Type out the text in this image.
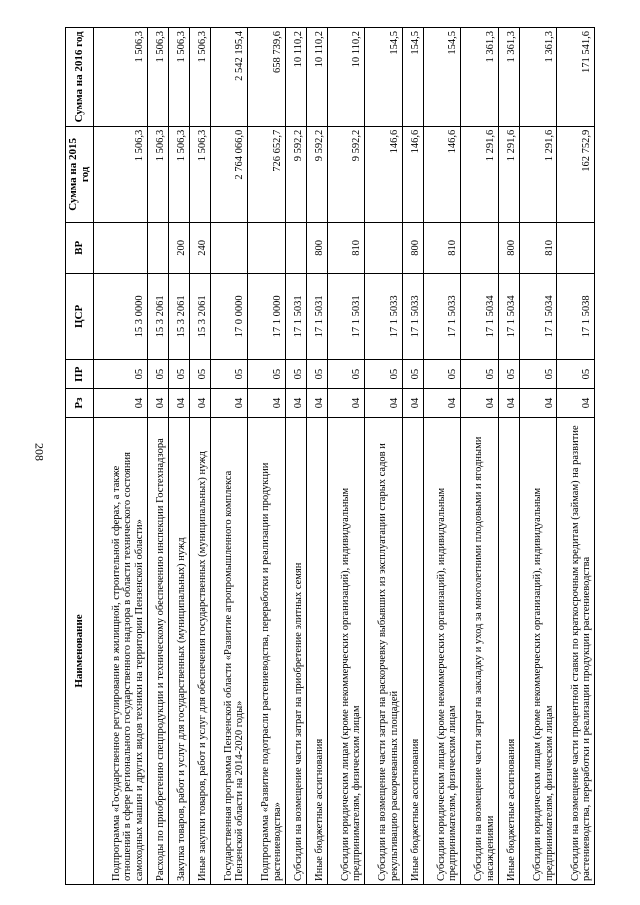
208
Наименование	Рз	ПР	ЦСР	ВР	Сумма на 2015 год	Сумма на 2016 год
Подпрограмма «Государственное регулирование в жилищной, строительной сферах, а также отношений в сфере регионального государственного надзора в области технического состояния самоходных машин и других видов техники на территории Пензенской области»	04	05	15 3 0000		1 506,3	1 506,3
Расходы по приобретению спецпродукции и техническому обеспечению инспекции Гостехнадзора	04	05	15 3 2061		1 506,3	1 506,3
Закупка товаров, работ и услуг для государственных (муниципальных) нужд	04	05	15 3 2061	200	1 506,3	1 506,3
Иные закупки товаров, работ и услуг для обеспечения государственных (муниципальных) нужд	04	05	15 3 2061	240	1 506,3	1 506,3
Государственная программа Пензенской области «Развитие агропромышленного комплекса Пензенской области на 2014-2020 годы»	04	05	17 0 0000		2 764 066,0	2 542 195,4
Подпрограмма «Развитие подотрасли растениеводства, переработки и реализации продукции растениеводства»	04	05	17 1 0000		726 652,7	658 739,6
Субсидии на возмещение части затрат на приобретение элитных семян	04	05	17 1 5031		9 592,2	10 110,2
Иные бюджетные ассигнования	04	05	17 1 5031	800	9 592,2	10 110,2
Субсидии юридическим лицам (кроме некоммерческих организаций), индивидуальным предпринимателям, физическим лицам	04	05	17 1 5031	810	9 592,2	10 110,2
Субсидии на возмещение части затрат на раскорчевку выбывших из эксплуатации старых садов и рекультивацию раскорчеванных площадей	04	05	17 1 5033		146,6	154,5
Иные бюджетные ассигнования	04	05	17 1 5033	800	146,6	154,5
Субсидии юридическим лицам (кроме некоммерческих организаций), индивидуальным предпринимателям, физическим лицам	04	05	17 1 5033	810	146,6	154,5
Субсидии на возмещение части затрат на закладку и уход за многолетними плодовыми и ягодными насаждениями	04	05	17 1 5034		1 291,6	1 361,3
Иные бюджетные ассигнования	04	05	17 1 5034	800	1 291,6	1 361,3
Субсидии юридическим лицам (кроме некоммерческих организаций), индивидуальным предпринимателям, физическим лицам	04	05	17 1 5034	810	1 291,6	1 361,3
Субсидии на возмещение части процентной ставки по краткосрочным кредитам (займам) на развитие растениеводства, переработки и реализации продукции растениеводства	04	05	17 1 5038		162 752,9	171 541,6
